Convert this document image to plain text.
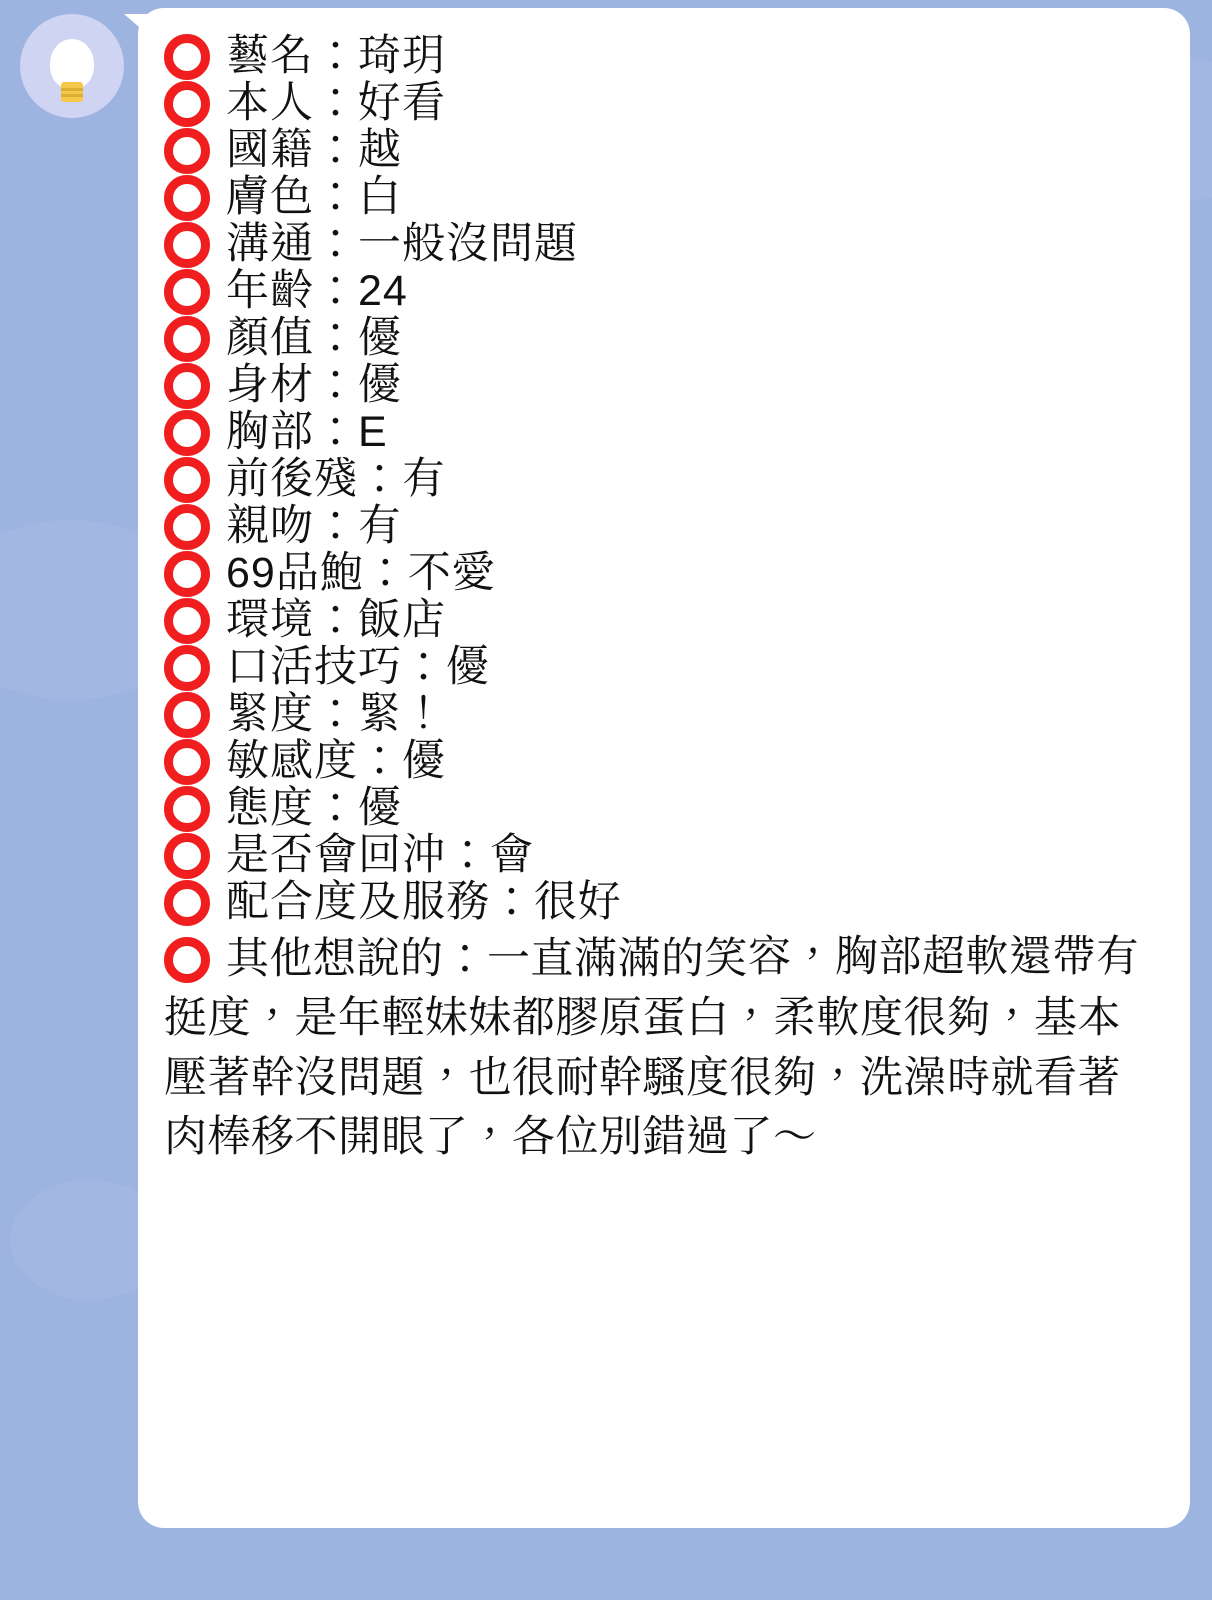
藝名：琦玥
本人：好看
國籍：越
膚色：白
溝通：一般沒問題
年齡：24
顏值：優
身材：優
胸部：E
前後殘：有
親吻：有
69品鮑：不愛
環境：飯店
口活技巧：優
緊度：緊！
敏感度：優
態度：優
是否會回沖：會
配合度及服務：很好
其他想說的：一直滿滿的笑 容，胸部超軟還帶有挺度，是年輕妹妹都膠原蛋白，柔軟度很夠，基本壓著幹沒問題，也很耐幹騷度很夠，洗澡時就看著肉棒移不開眼了，各位別錯過了～
